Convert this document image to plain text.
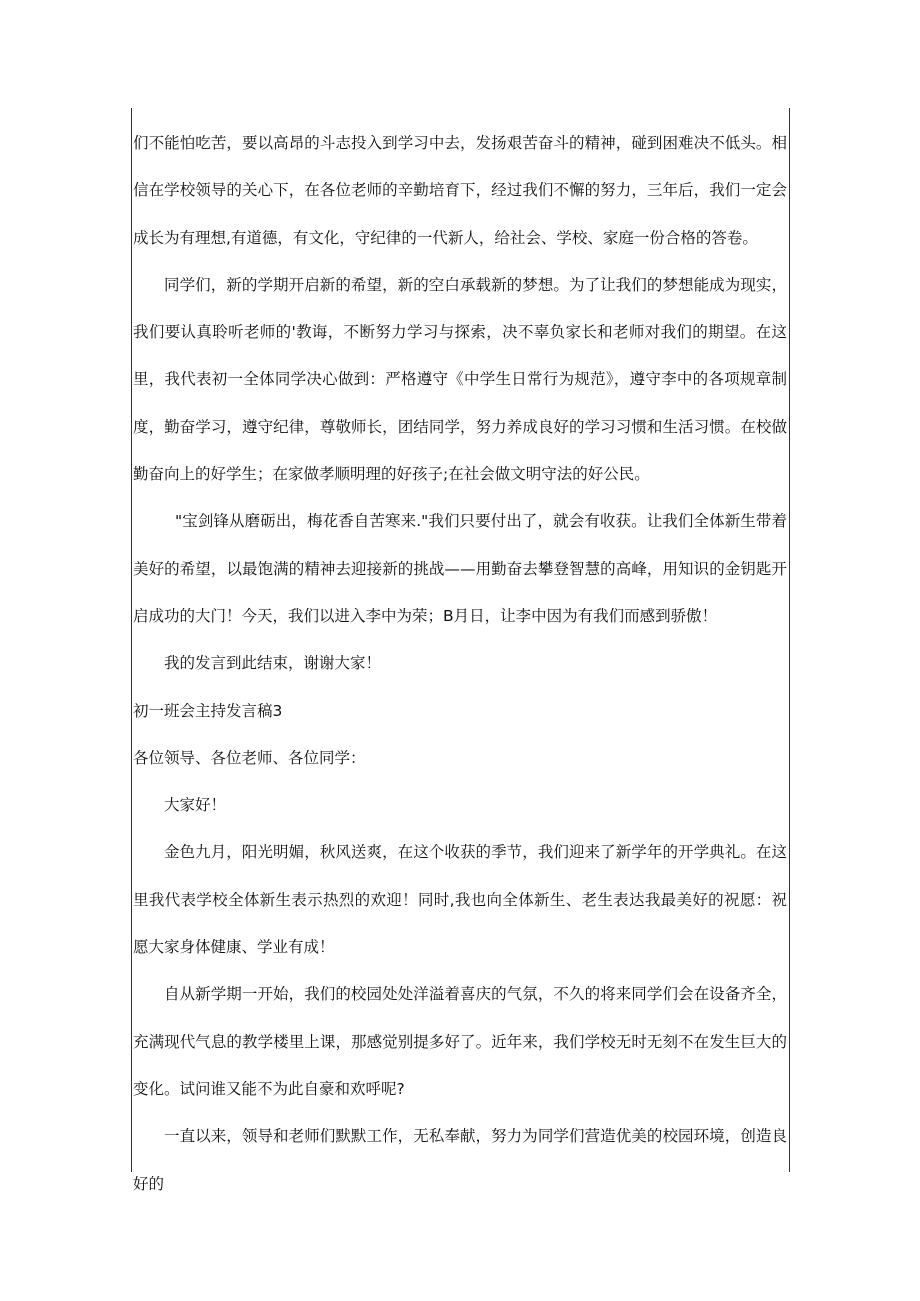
们不能怕吃苦，要以高昂的斗志投入到学习中去，发扬艰苦奋斗的精神，碰到困难决不低头。相信在学校领导的关心下，在各位老师的辛勤培育下，经过我们不懈的努力，三年后，我们一定会成长为有理想,有道德，有文化，守纪律的一代新人，给社会、学校、家庭一份合格的答卷。

同学们，新的学期开启新的希望，新的空白承载新的梦想。为了让我们的梦想能成为现实，我们要认真聆听老师的'教诲，不断努力学习与探索，决不辜负家长和老师对我们的期望。在这里，我代表初一全体同学决心做到：严格遵守《中学生日常行为规范》，遵守李中的各项规章制度，勤奋学习，遵守纪律，尊敬师长，团结同学，努力养成良好的学习习惯和生活习惯。在校做勤奋向上的好学生；在家做孝顺明理的好孩子;在社会做文明守法的好公民。

"宝剑锋从磨砺出，梅花香自苦寒来."我们只要付出了，就会有收获。让我们全体新生带着美好的希望，以最饱满的精神去迎接新的挑战——用勤奋去攀登智慧的高峰，用知识的金钥匙开启成功的大门！今天，我们以进入李中为荣；B月日，让李中因为有我们而感到骄傲！

我的发言到此结束，谢谢大家！

初一班会主持发言稿3

各位领导、各位老师、各位同学：

大家好！

金色九月，阳光明媚，秋风送爽，在这个收获的季节，我们迎来了新学年的开学典礼。在这里我代表学校全体新生表示热烈的欢迎！同时,我也向全体新生、老生表达我最美好的祝愿：祝愿大家身体健康、学业有成！

自从新学期一开始，我们的校园处处洋溢着喜庆的气氛，不久的将来同学们会在设备齐全，充满现代气息的教学楼里上课，那感觉别提多好了。近年来，我们学校无时无刻不在发生巨大的变化。试问谁又能不为此自豪和欢呼呢?

一直以来，领导和老师们默默工作，无私奉献，努力为同学们营造优美的校园环境，创造良好的
